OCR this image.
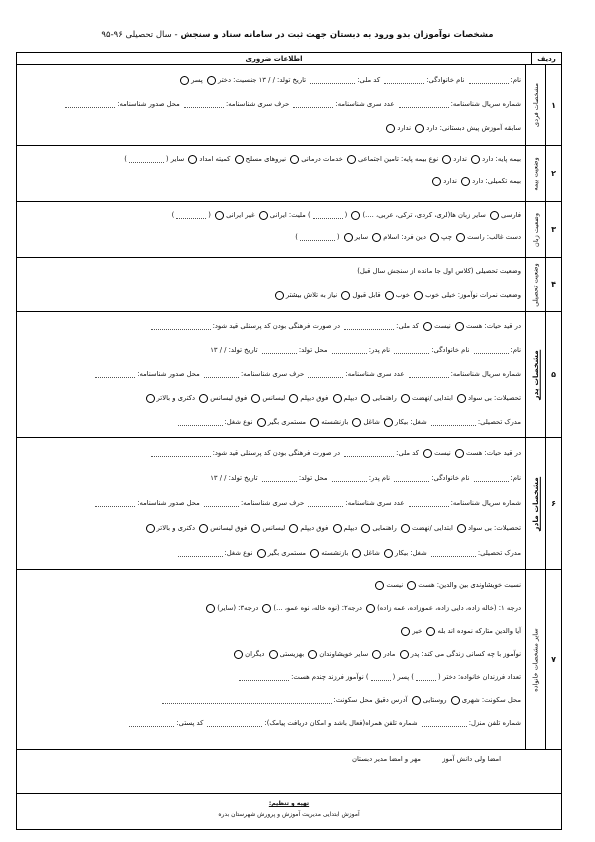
مشخصات نوآموزان بدو ورود به دبستان جهت ثبت در سامانه سناد و سنجش - سال تحصیلی ۹۶-۹۵
ردیف
اطلاعات ضروری
۱
مشخصات فردی
نام: نام خانوادگی: کد ملی: تاریخ تولد: / / ۱۳ جنسیت: دختر پسر
شماره سریال شناسنامه: عدد سری شناسنامه: حرف سری شناسنامه: محل صدور شناسنامه:
سابقه آموزش پیش دبستانی: دارد ندارد
۲
وضعیت بیمه
بیمه پایه: دارد ندارد نوع بیمه پایه: تامین اجتماعی خدمات درمانی نیروهای مسلح کمیته امداد سایر ()
بیمه تکمیلی: دارد ندارد
۳
وضعیت زبان
فارسی سایر زبان ها(لری، کردی، ترکی، عربی، ....) () ملیت: ایرانی غیر ایرانی ()
دست غالب: راست چپ دین فرد: اسلام سایر ()
۴
وضعیت تحصیلی
وضعیت تحصیلی (کلاس اول جا مانده از سنجش سال قبل)
وضعیت نمرات نوآموز: خیلی خوب خوب قابل قبول نیاز به تلاش بیشتر
۵
مشخصات پدر
در قید حیات: هست نیست کد ملی: در صورت فرهنگی بودن کد پرسنلی قید شود:
نام: نام خانوادگی: نام پدر: محل تولد: تاریخ تولد: / / ۱۳
شماره سریال شناسنامه: عدد سری شناسنامه: حرف سری شناسنامه: محل صدور شناسنامه:
تحصیلات: بی سواد ابتدایی /نهضت راهنمایی دیپلم فوق دیپلم لیسانس فوق لیسانس دکتری و بالاتر
مدرک تحصیلی: شغل: بیکار شاغل بازنشسته مستمری بگیر نوع شغل:
۶
مشخصات مادر
در قید حیات: هست نیست کد ملی: در صورت فرهنگی بودن کد پرسنلی قید شود:
نام: نام خانوادگی: نام پدر: محل تولد: تاریخ تولد: / / ۱۳
شماره سریال شناسنامه: عدد سری شناسنامه: حرف سری شناسنامه: محل صدور شناسنامه:
تحصیلات: بی سواد ابتدایی /نهضت راهنمایی دیپلم فوق دیپلم لیسانس فوق لیسانس دکتری و بالاتر
مدرک تحصیلی: شغل: بیکار شاغل بازنشسته مستمری بگیر نوع شغل:
۷
سایر مشخصات خانواده
نسبت خویشاوندی بین والدین: هست نیست
درجه ۱: (خاله زاده، دایی زاده، عموزاده، عمه زاده) درجه۲: (نوه خاله، نوه عمو، ...) درجه۳: (سایر)
آیا والدین متارکه نموده اند بله خیر
نوآموز با چه کسانی زندگی می کند: پدر مادر سایر خویشاوندان بهزیستی دیگران
تعداد فرزندان خانواده: دختر () پسر () نوآموز فرزند چندم هست:
محل سکونت: شهری روستایی آدرس دقیق محل سکونت:
شماره تلفن منزل: شماره تلفن همراه(فعال باشد و امکان دریافت پیامک): کد پستی:
امضا ولی دانش آموز
مهر و امضا مدیر دبستان
تهیه و تنظیم:
آموزش ابتدایی مدیریت آموزش و پرورش شهرستان بدره
